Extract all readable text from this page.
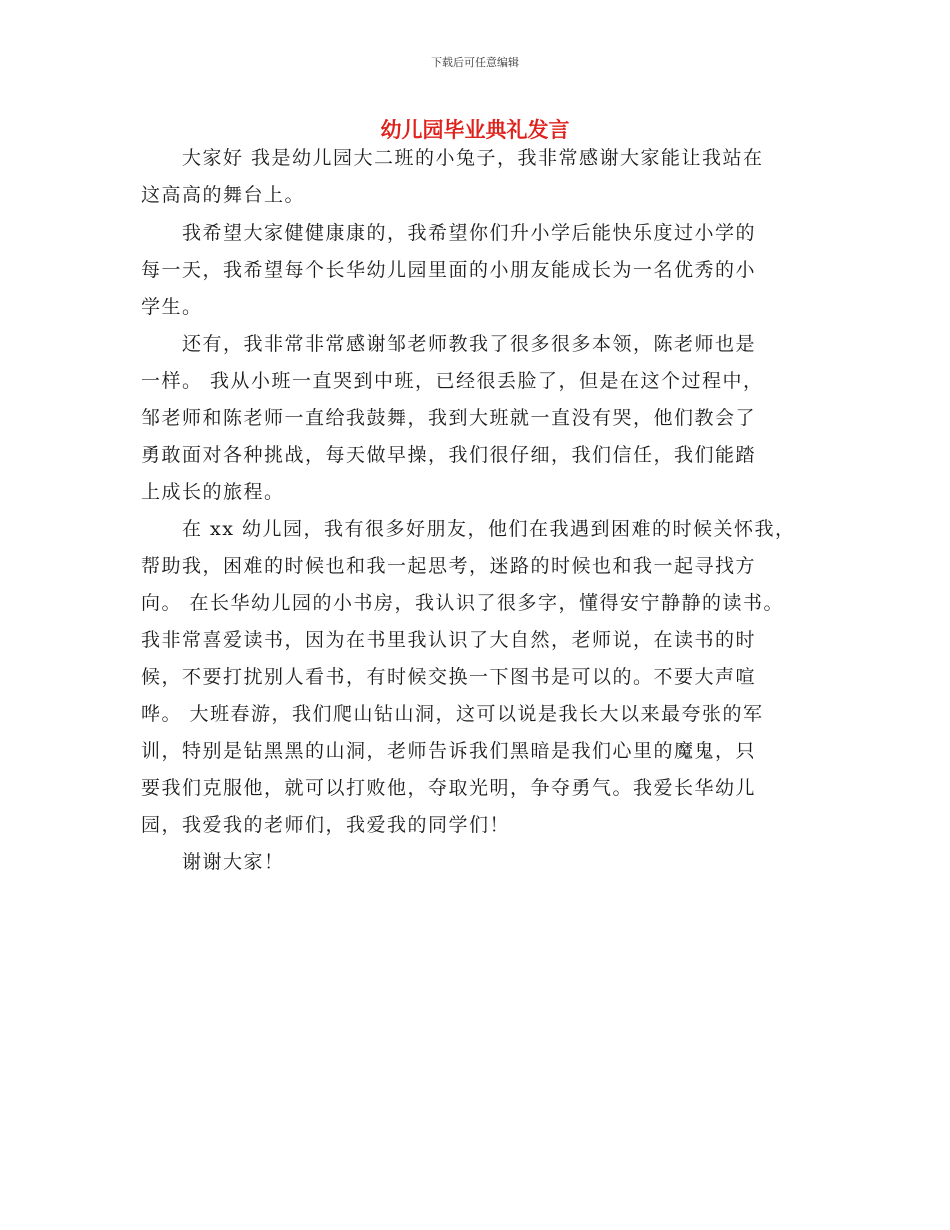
下载后可任意编辑
幼儿园毕业典礼发言
　　大家好 我是幼儿园大二班的小兔子，我非常感谢大家能让我站在
这高高的舞台上。
　　我希望大家健健康康的，我希望你们升小学后能快乐度过小学的
每一天，我希望每个长华幼儿园里面的小朋友能成长为一名优秀的小
学生。
　　还有，我非常非常感谢邹老师教我了很多很多本领，陈老师也是
一样。 我从小班一直哭到中班，已经很丢脸了，但是在这个过程中，
邹老师和陈老师一直给我鼓舞，我到大班就一直没有哭，他们教会了
勇敢面对各种挑战，每天做早操，我们很仔细，我们信任，我们能踏
上成长的旅程。
　　在 xx 幼儿园，我有很多好朋友，他们在我遇到困难的时候关怀我，
帮助我，困难的时候也和我一起思考，迷路的时候也和我一起寻找方
向。 在长华幼儿园的小书房，我认识了很多字，懂得安宁静静的读书。
我非常喜爱读书，因为在书里我认识了大自然，老师说，在读书的时
候，不要打扰别人看书，有时候交换一下图书是可以的。不要大声喧
哗。 大班春游，我们爬山钻山洞，这可以说是我长大以来最夸张的军
训，特别是钻黑黑的山洞，老师告诉我们黑暗是我们心里的魔鬼，只
要我们克服他，就可以打败他，夺取光明，争夺勇气。我爱长华幼儿
园，我爱我的老师们，我爱我的同学们！
　　谢谢大家！
